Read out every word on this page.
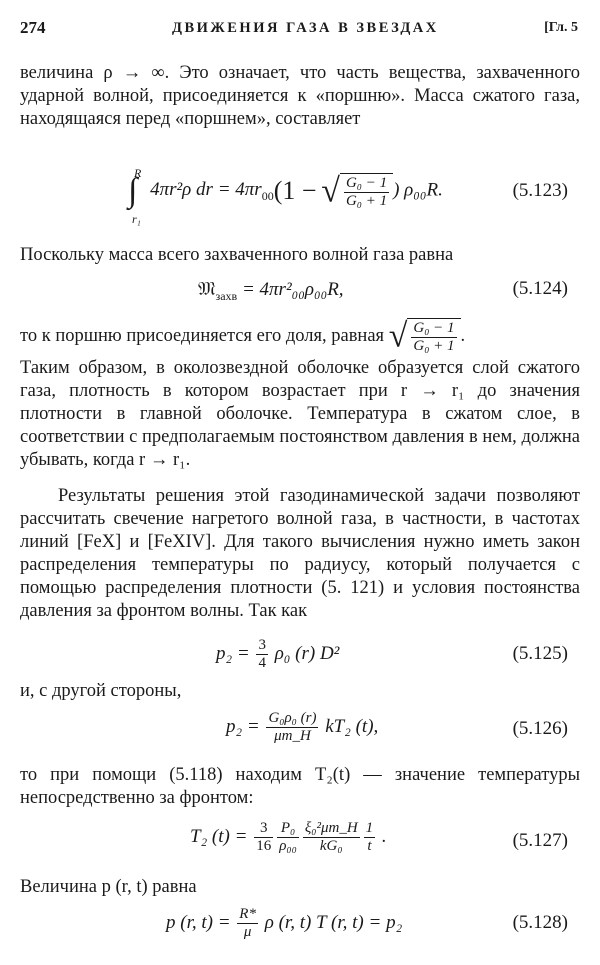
274	ДВИЖЕНИЯ ГАЗА В ЗВЕЗДАХ	[Гл. 5
величина ρ → ∞. Это означает, что часть вещества, захваченного ударной волной, присоединяется к «поршню». Масса сжатого газа, находящаяся перед «поршнем», составляет
∫
R
r₁
4πr²ρ dr = $4\pi r_{00}(1$ − √ $\frac{\text{G₀ − 1}}{\text{G₀ + 1}}$ ) ρ₀₀R.	(5.123)
Поскольку масса всего захваченного волной газа равна
𝔐$_{захв}$ = 4πr²₀₀ρ₀₀R,	(5.124)
то к поршню присоединяется его доля, равная √ $\frac{\text{G₀ − 1}}{\text{G₀ + 1}}$ .
Таким образом, в околозвездной оболочке образуется слой сжатого газа, плотность в котором возрастает при r → r₁ до значения плотности в главной оболочке. Температура в сжатом слое, в соответствии с предполагаемым постоянством давления в нем, должна убывать, когда r → r₁.
Результаты решения этой газодинамической задачи позволяют рассчитать свечение нагретого волной газа, в частности, в частотах линий [FeX] и [FeXIV]. Для такого вычисления нужно иметь закон распределения температуры по радиусу, который получается с помощью распределения плотности (5. 121) и условия постоянства давления за фронтом волны. Так как
$p_2 = \frac{3}{4} \rho_0$ (r) D²	(5.125)
и, с другой стороны,
$p_2 = \frac{\text{G₀ρ₀ (r)}}{\mu m\_H} kT_2$ (t),	(5.126)
то при помощи (5.118) находим T₂(t) — значение температуры непосредственно за фронтом:
T₂ $(t) = \frac{3}{16} \frac{\text{P₀}}{\text{ρ₀₀}} \frac{\text{ξ₀²μm\_H}}{\text{kG₀}} \frac{1}{t}$ .	(5.127)
Величина p (r, t) равна
p (r, $t) = \frac{R*}{\mu}$ ρ (r, t) T (r, t) = p₂	(5.128)
